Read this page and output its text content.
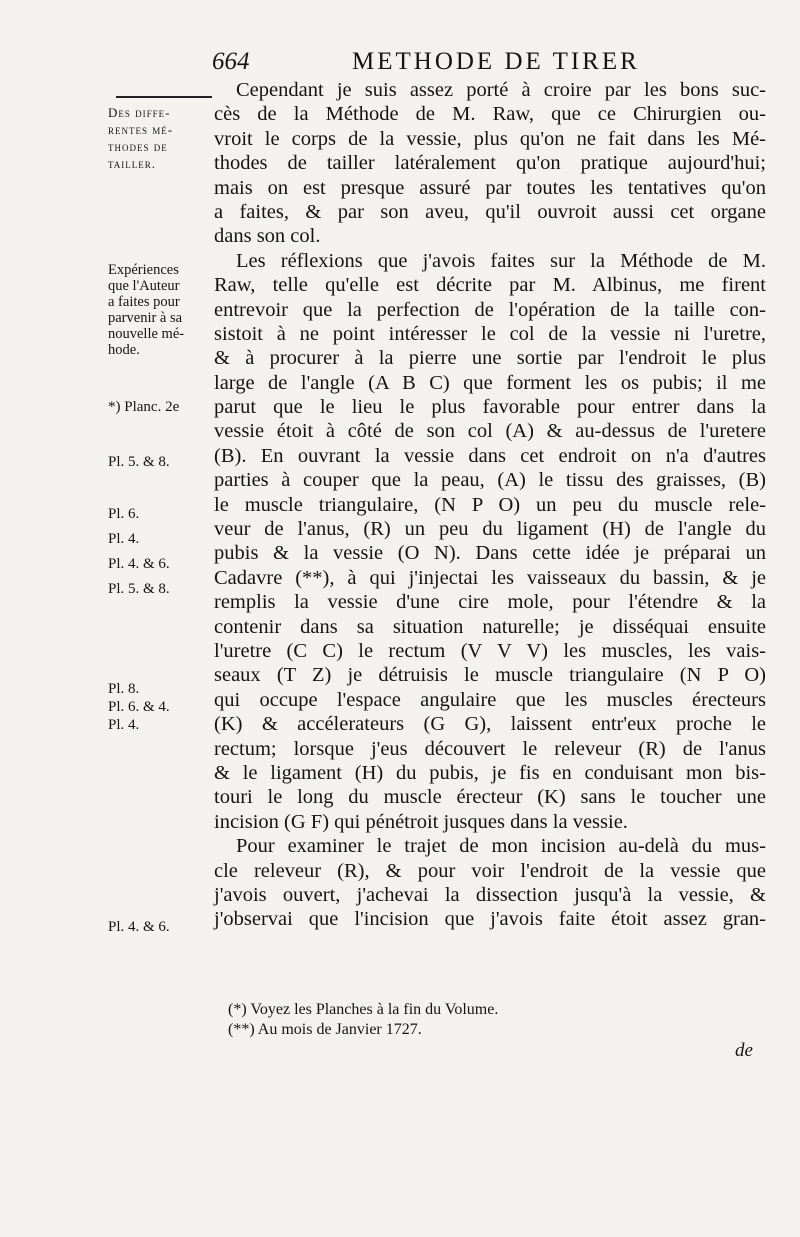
664	METHODE DE TIRER
Des diffe-
rentes mé-
thodes de
tailler.
Expériences
que l'Auteur
a faites pour
parvenir à sa
nouvelle mé-
hode.
*) Planc. 2e
Pl. 5. & 8.
Pl. 6.
Pl. 4.
Pl. 4. & 6.
Pl. 5. & 8.
Pl. 8.
Pl. 6. & 4.
Pl. 4.
Pl. 4. & 6.
Cependant je suis assez porté à croire par les bons suc-
cès de la Méthode de M. Raw, que ce Chirurgien ou-
vroit le corps de la vessie, plus qu'on ne fait dans les Mé-
thodes de tailler latéralement qu'on pratique aujourd'hui;
mais on est presque assuré par toutes les tentatives qu'on
a faites, & par son aveu, qu'il ouvroit aussi cet organe
dans son col.
Les réflexions que j'avois faites sur la Méthode de M.
Raw, telle qu'elle est décrite par M. Albinus, me firent
entrevoir que la perfection de l'opération de la taille con-
sistoit à ne point intéresser le col de la vessie ni l'uretre,
& à procurer à la pierre une sortie par l'endroit le plus
large de l'angle (A B C) que forment les os pubis; il me
parut que le lieu le plus favorable pour entrer dans la
vessie étoit à côté de son col (A) & au-dessus de l'uretere
(B). En ouvrant la vessie dans cet endroit on n'a d'autres
parties à couper que la peau, (A) le tissu des graisses, (B)
le muscle triangulaire, (N P O) un peu du muscle rele-
veur de l'anus, (R) un peu du ligament (H) de l'angle du
pubis & la vessie (O N). Dans cette idée je préparai un
Cadavre (**), à qui j'injectai les vaisseaux du bassin, & je
remplis la vessie d'une cire mole, pour l'étendre & la
contenir dans sa situation naturelle; je disséquai ensuite
l'uretre (C C) le rectum (V V V) les muscles, les vais-
seaux (T Z) je détruisis le muscle triangulaire (N P O)
qui occupe l'espace angulaire que les muscles érecteurs
(K) & accélerateurs (G G), laissent entr'eux proche le
rectum; lorsque j'eus découvert le releveur (R) de l'anus
& le ligament (H) du pubis, je fis en conduisant mon bis-
touri le long du muscle érecteur (K) sans le toucher une
incision (G F) qui pénétroit jusques dans la vessie.
Pour examiner le trajet de mon incision au-delà du mus-
cle releveur (R), & pour voir l'endroit de la vessie que
j'avois ouvert, j'achevai la dissection jusqu'à la vessie, &
j'observai que l'incision que j'avois faite étoit assez gran-
(*) Voyez les Planches à la fin du Volume.
(**) Au mois de Janvier 1727.
de
